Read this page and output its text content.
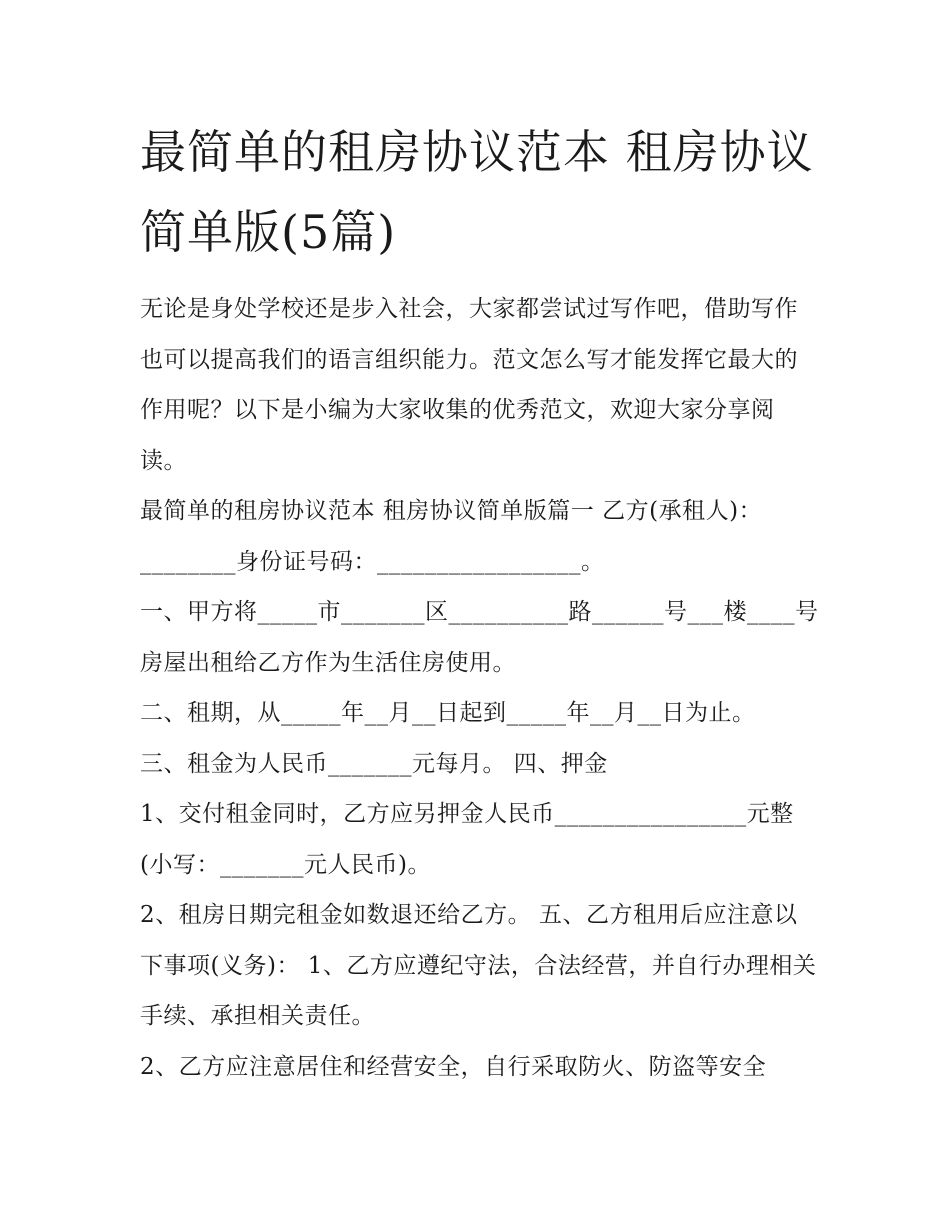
最简单的租房协议范本 租房协议简单版(5篇)

无论是身处学校还是步入社会，大家都尝试过写作吧，借助写作也可以提高我们的语言组织能力。范文怎么写才能发挥它最大的作用呢？以下是小编为大家收集的优秀范文，欢迎大家分享阅读。

最简单的租房协议范本 租房协议简单版篇一 乙方(承租人)：________身份证号码：_________________。

一、甲方将_____市_______区__________路______号___楼____号房屋出租给乙方作为生活住房使用。

二、租期，从_____年__月__日起到_____年__月__日为止。

三、租金为人民币_______元每月。 四、押金

1、交付租金同时，乙方应另押金人民币________________元整(小写：_______元人民币)。

2、租房日期完租金如数退还给乙方。 五、乙方租用后应注意以下事项(义务)： 1、乙方应遵纪守法，合法经营，并自行办理相关手续、承担相关责任。

2、乙方应注意居住和经营安全，自行采取防火、防盗等安全
